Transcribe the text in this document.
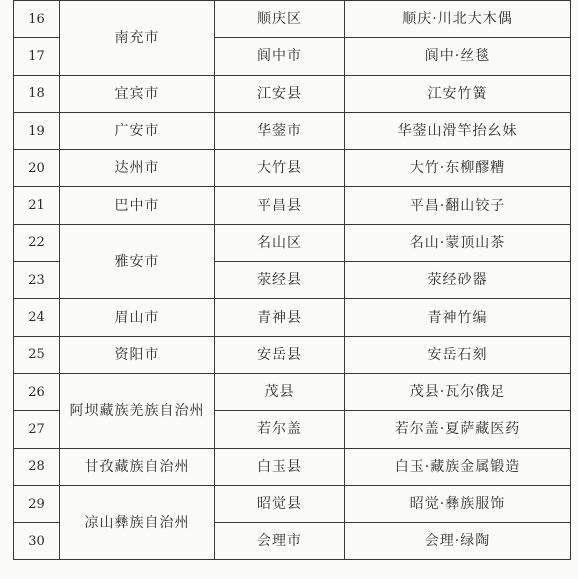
16	南充市	顺庆区	顺庆·川北大木偶
17		阆中市	阆中·丝毯
18	宜宾市	江安县	江安竹簧
19	广安市	华蓥市	华蓥山滑竿抬幺妹
20	达州市	大竹县	大竹·东柳醪糟
21	巴中市	平昌县	平昌·翻山铰子
22	雅安市	名山区	名山·蒙顶山茶
23		荥经县	荥经砂器
24	眉山市	青神县	青神竹编
25	资阳市	安岳县	安岳石刻
26	阿坝藏族羌族自治州	茂县	茂县·瓦尔俄足
27		若尔盖	若尔盖·夏萨藏医药
28	甘孜藏族自治州	白玉县	白玉·藏族金属锻造
29	凉山彝族自治州	昭觉县	昭觉·彝族服饰
30		会理市	会理·绿陶
